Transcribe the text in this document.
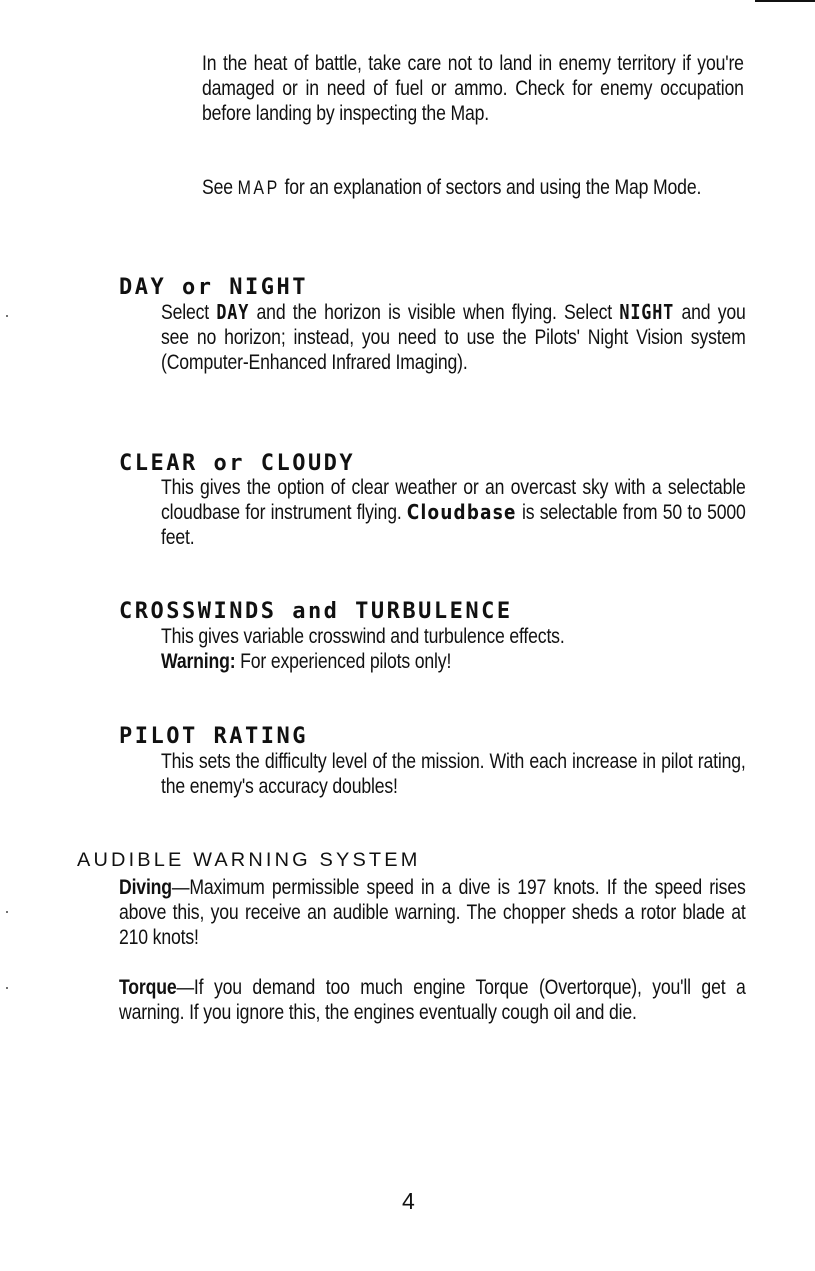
In the heat of battle, take care not to land in enemy territory if you're damaged or in need of fuel or ammo. Check for enemy occupation before landing by inspecting the Map.
See MAP for an explanation of sectors and using the Map Mode.
DAY or NIGHT
Select DAY and the horizon is visible when flying. Select NIGHT and you see no horizon; instead, you need to use the Pilots' Night Vision system (Computer-Enhanced Infrared Imaging).
CLEAR or CLOUDY
This gives the option of clear weather or an overcast sky with a selectable cloudbase for instrument flying. Cloudbase is selectable from 50 to 5000 feet.
CROSSWINDS and TURBULENCE
This gives variable crosswind and turbulence effects.
Warning: For experienced pilots only!
PILOT RATING
This sets the difficulty level of the mission. With each increase in pilot rating, the enemy's accuracy doubles!
AUDIBLE WARNING SYSTEM
Diving—Maximum permissible speed in a dive is 197 knots. If the speed rises above this, you receive an audible warning. The chopper sheds a rotor blade at 210 knots!
Torque—If you demand too much engine Torque (Overtorque), you'll get a warning. If you ignore this, the engines eventually cough oil and die.
4
